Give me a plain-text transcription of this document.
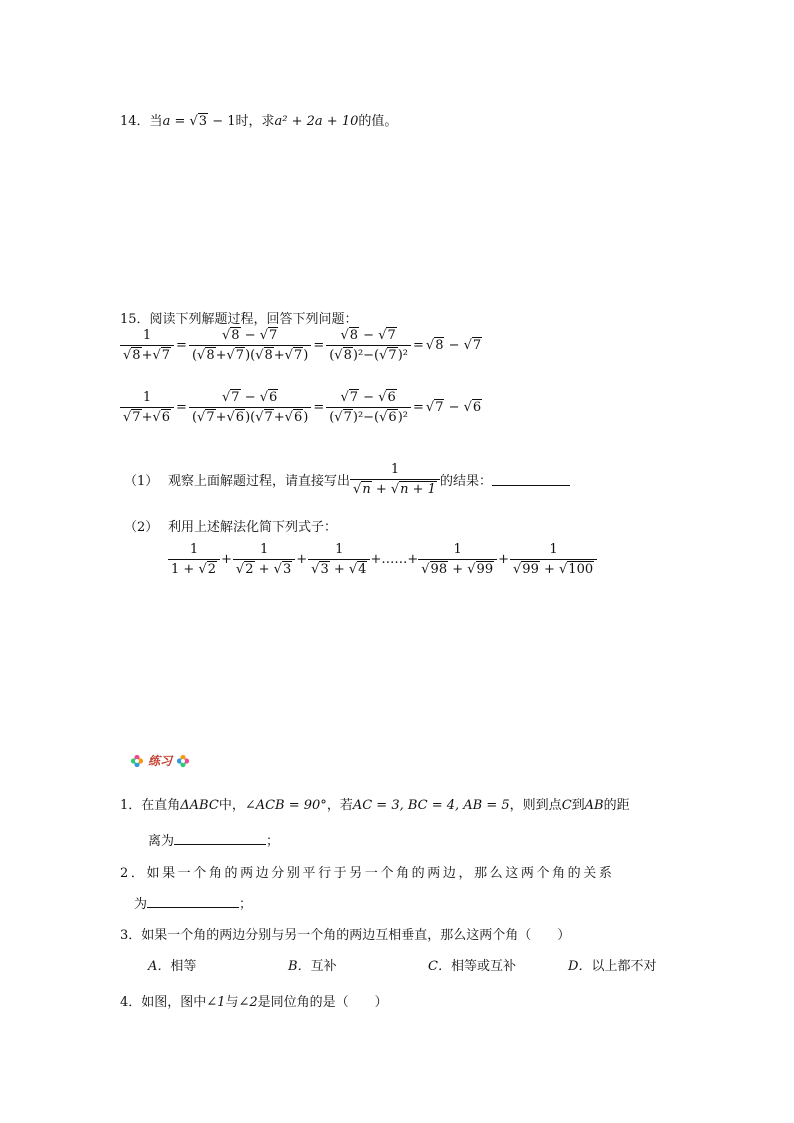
14．当a = √3 − 1时，求a² + 2a + 10的值。
15．阅读下列解题过程，回答下列问题：
$\frac{1}{√8+√7} = \frac{√8 - √7}{(√8+√7)(√8+√7)} = \frac{√8 - √7}{\text{(√8)²−(√7)²}} = √8 - √7$
$\frac{1}{√7+√6} = \frac{√7 - √6}{(√7+√6)(√7+√6)} = \frac{√7 - √6}{\text{(√7)²−(√6)²}} = √7 - √6$
（1） 观察上面解题过程，请直接写出 $\frac{1}{√n + √n + 1}$ 的结果：
（2） 利用上述解法化简下列式子：
$\frac{1}{1 + √2} + \frac{1}{√2 + √3} + \frac{1}{√3 + √4}$ +……+ $\frac{1}{√98 + √99} + \frac{1}{√99 + √100}$
练习
1．在直角ΔABC中，∠ACB = 90°，若AC = 3, BC = 4, AB = 5，则到点C到AB的距
离为	；
2．如果一个角的两边分别平行于另一个角的两边，那么这两个角的关系
为	；
3．如果一个角的两边分别与另一个角的两边互相垂直，那么这两个角（　　）
A．相等	B．互补	C．相等或互补	D．以上都不对
4．如图，图中∠1与∠2是同位角的是（　　）
